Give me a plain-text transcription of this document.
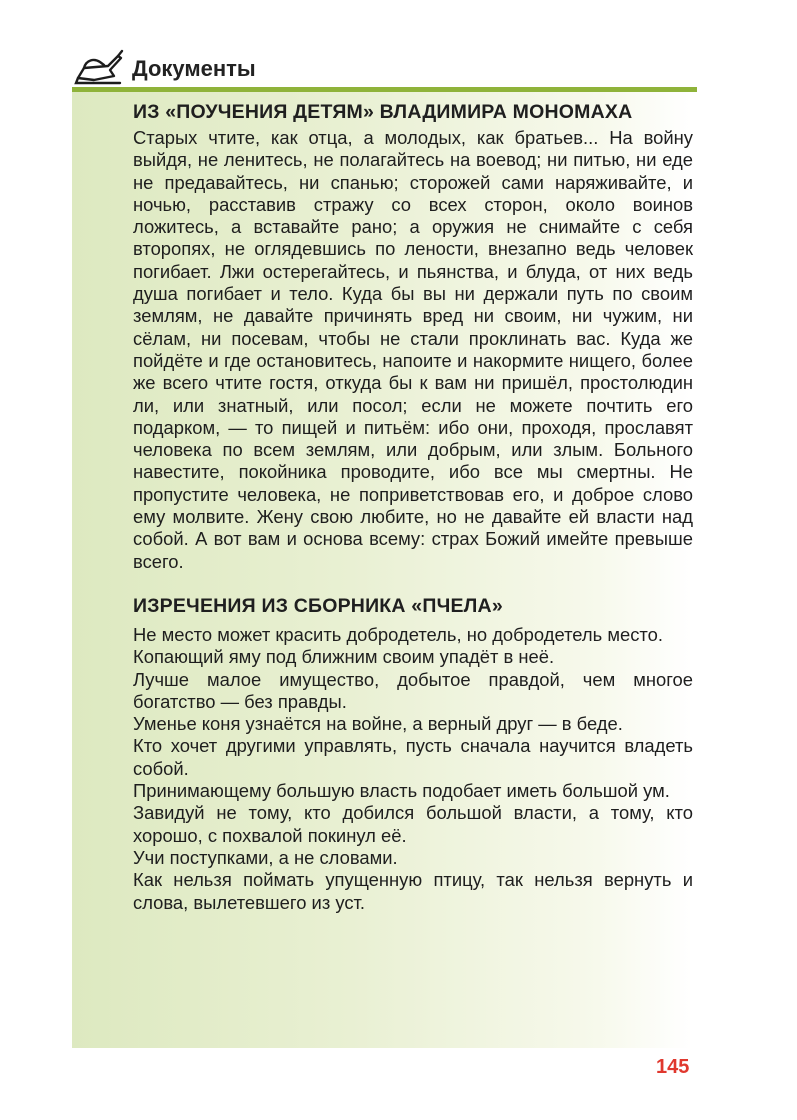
Документы
ИЗ «ПОУЧЕНИЯ ДЕТЯМ» ВЛАДИМИРА МОНОМАХА

Старых чтите, как отца, а молодых, как братьев... На войну выйдя, не ленитесь, не полагайтесь на воевод; ни питью, ни еде не предавайтесь, ни спанью; сторожей сами наряживайте, и ночью, расставив стражу со всех сторон, около воинов ложитесь, а вставайте рано; а оружия не снимайте с себя второпях, не оглядевшись по лености, внезапно ведь человек погибает. Лжи остерегайтесь, и пьянства, и блуда, от них ведь душа погибает и тело. Куда бы вы ни держали путь по своим землям, не давайте причинять вред ни своим, ни чужим, ни сёлам, ни посевам, чтобы не стали проклинать вас. Куда же пойдёте и где остановитесь, напоите и накормите нищего, более же всего чтите гостя, откуда бы к вам ни пришёл, простолюдин ли, или знатный, или посол; если не можете почтить его подарком, — то пищей и питьём: ибо они, проходя, прославят человека по всем землям, или добрым, или злым. Больного навестите, покойника проводите, ибо все мы смертны. Не пропустите человека, не поприветствовав его, и доброе слово ему молвите. Жену свою любите, но не давайте ей власти над собой. А вот вам и основа всему: страх Божий имейте превыше всего.

ИЗРЕЧЕНИЯ ИЗ СБОРНИКА «ПЧЕЛА»

Не место может красить добродетель, но добродетель место.

Копающий яму под ближним своим упадёт в неё.

Лучше малое имущество, добытое правдой, чем многое богатство — без правды.

Уменье коня узнаётся на войне, а верный друг — в беде.

Кто хочет другими управлять, пусть сначала научится владеть собой.

Принимающему большую власть подобает иметь большой ум.

Завидуй не тому, кто добился большой власти, а тому, кто хорошо, с похвалой покинул её.

Учи поступками, а не словами.

Как нельзя поймать упущенную птицу, так нельзя вернуть и слова, вылетевшего из уст.

145
